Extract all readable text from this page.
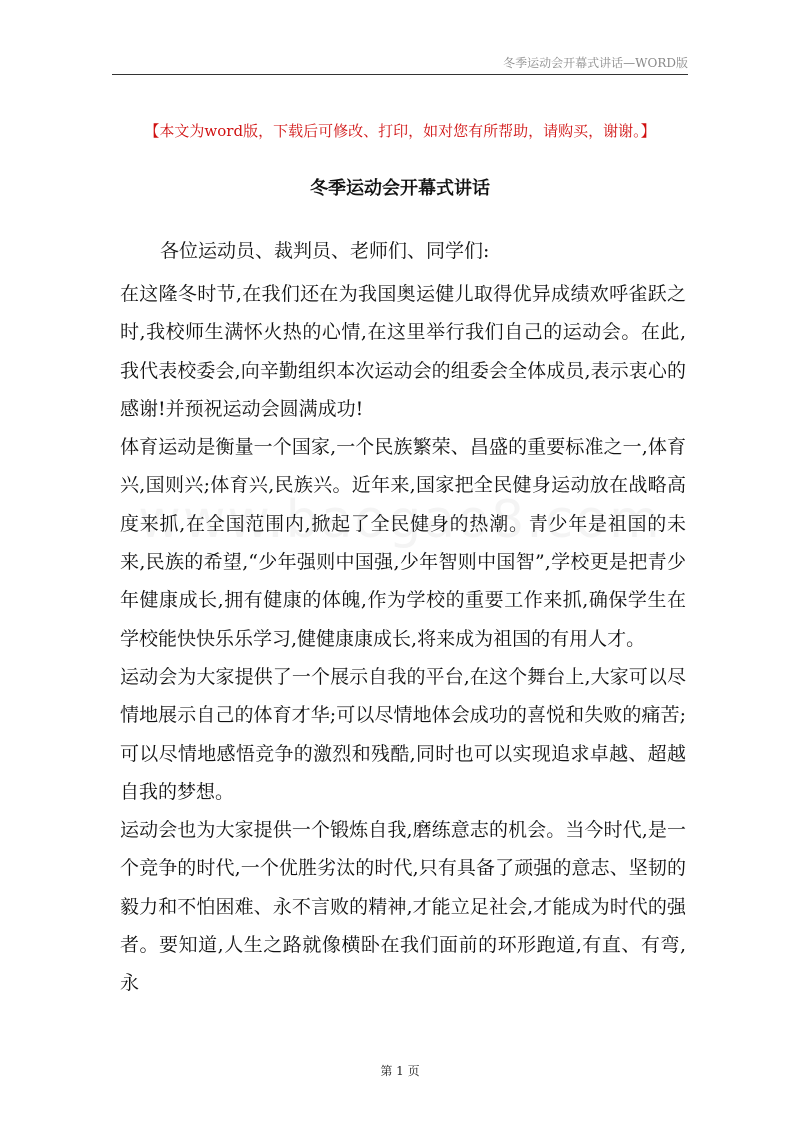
冬季运动会开幕式讲话—WORD版
【本文为word版，下载后可修改、打印，如对您有所帮助，请购买，谢谢。】
冬季运动会开幕式讲话
各位运动员、裁判员、老师们、同学们:

在这隆冬时节,在我们还在为我国奥运健儿取得优异成绩欢呼雀跃之时,我校师生满怀火热的心情,在这里举行我们自己的运动会。在此,我代表校委会,向辛勤组织本次运动会的组委会全体成员,表示衷心的感谢!并预祝运动会圆满成功!

体育运动是衡量一个国家,一个民族繁荣、昌盛的重要标准之一,体育兴,国则兴;体育兴,民族兴。近年来,国家把全民健身运动放在战略高度来抓,在全国范围内,掀起了全民健身的热潮。青少年是祖国的未来,民族的希望,“少年强则中国强,少年智则中国智”,学校更是把青少年健康成长,拥有健康的体魄,作为学校的重要工作来抓,确保学生在学校能快快乐乐学习,健健康康成长,将来成为祖国的有用人才。

运动会为大家提供了一个展示自我的平台,在这个舞台上,大家可以尽情地展示自己的体育才华;可以尽情地体会成功的喜悦和失败的痛苦;可以尽情地感悟竞争的激烈和残酷,同时也可以实现追求卓越、超越自我的梦想。

运动会也为大家提供一个锻炼自我,磨练意志的机会。当今时代,是一个竞争的时代,一个优胜劣汰的时代,只有具备了顽强的意志、坚韧的毅力和不怕困难、永不言败的精神,才能立足社会,才能成为时代的强者。要知道,人生之路就像横卧在我们面前的环形跑道,有直、有弯,永

第 1 页
